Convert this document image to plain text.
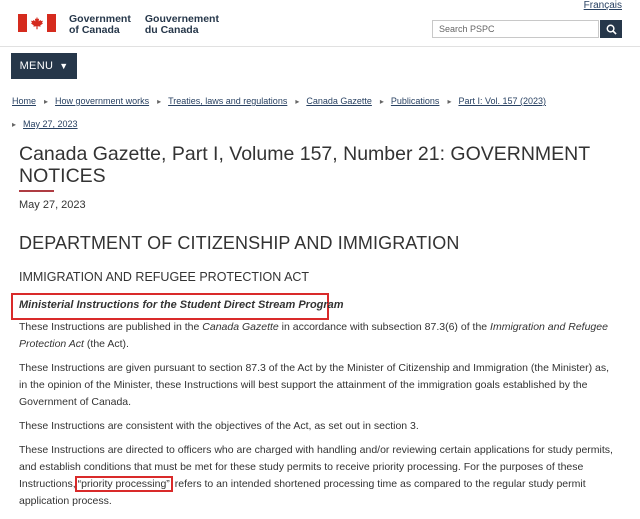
Français
Government
of Canada
Gouvernement
du Canada	Search PSPC
MENU ▼
Home ▸ How government works ▸ Treaties, laws and regulations ▸ Canada Gazette ▸ Publications ▸ Part I: Vol. 157 (2023)
▸ May 27, 2023
Canada Gazette, Part I, Volume 157, Number 21: GOVERNMENT NOTICES
May 27, 2023
DEPARTMENT OF CITIZENSHIP AND IMMIGRATION
IMMIGRATION AND REFUGEE PROTECTION ACT
Ministerial Instructions for the Student Direct Stream Program

These Instructions are published in the Canada Gazette in accordance with subsection 87.3(6) of the Immigration and Refugee Protection Act (the Act).

These Instructions are given pursuant to section 87.3 of the Act by the Minister of Citizenship and Immigration (the Minister) as, in the opinion of the Minister, these Instructions will best support the attainment of the immigration goals established by the Government of Canada.

These Instructions are consistent with the objectives of the Act, as set out in section 3.

These Instructions are directed to officers who are charged with handling and/or reviewing certain applications for study permits, and establish conditions that must be met for these study permits to receive priority processing. For the purposes of these Instructions, “priority processing” refers to an intended shortened processing time as compared to the regular study permit application process.
